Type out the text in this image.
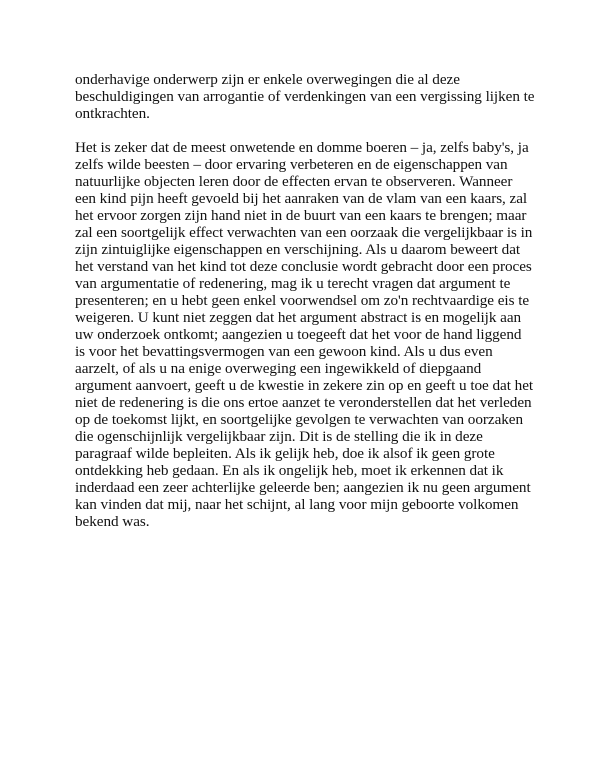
onderhavige onderwerp zijn er enkele overwegingen die al deze
beschuldigingen van arrogantie of verdenkingen van een vergissing lijken te
ontkrachten.

Het is zeker dat de meest onwetende en domme boeren – ja, zelfs baby's, ja
zelfs wilde beesten – door ervaring verbeteren en de eigenschappen van
natuurlijke objecten leren door de effecten ervan te observeren. Wanneer
een kind pijn heeft gevoeld bij het aanraken van de vlam van een kaars, zal
het ervoor zorgen zijn hand niet in de buurt van een kaars te brengen; maar
zal een soortgelijk effect verwachten van een oorzaak die vergelijkbaar is in
zijn zintuiglijke eigenschappen en verschijning. Als u daarom beweert dat
het verstand van het kind tot deze conclusie wordt gebracht door een proces
van argumentatie of redenering, mag ik u terecht vragen dat argument te
presenteren; en u hebt geen enkel voorwendsel om zo'n rechtvaardige eis te
weigeren. U kunt niet zeggen dat het argument abstract is en mogelijk aan
uw onderzoek ontkomt; aangezien u toegeeft dat het voor de hand liggend
is voor het bevattingsvermogen van een gewoon kind. Als u dus even
aarzelt, of als u na enige overweging een ingewikkeld of diepgaand
argument aanvoert, geeft u de kwestie in zekere zin op en geeft u toe dat het
niet de redenering is die ons ertoe aanzet te veronderstellen dat het verleden
op de toekomst lijkt, en soortgelijke gevolgen te verwachten van oorzaken
die ogenschijnlijk vergelijkbaar zijn. Dit is de stelling die ik in deze
paragraaf wilde bepleiten. Als ik gelijk heb, doe ik alsof ik geen grote
ontdekking heb gedaan. En als ik ongelijk heb, moet ik erkennen dat ik
inderdaad een zeer achterlijke geleerde ben; aangezien ik nu geen argument
kan vinden dat mij, naar het schijnt, al lang voor mijn geboorte volkomen
bekend was.
